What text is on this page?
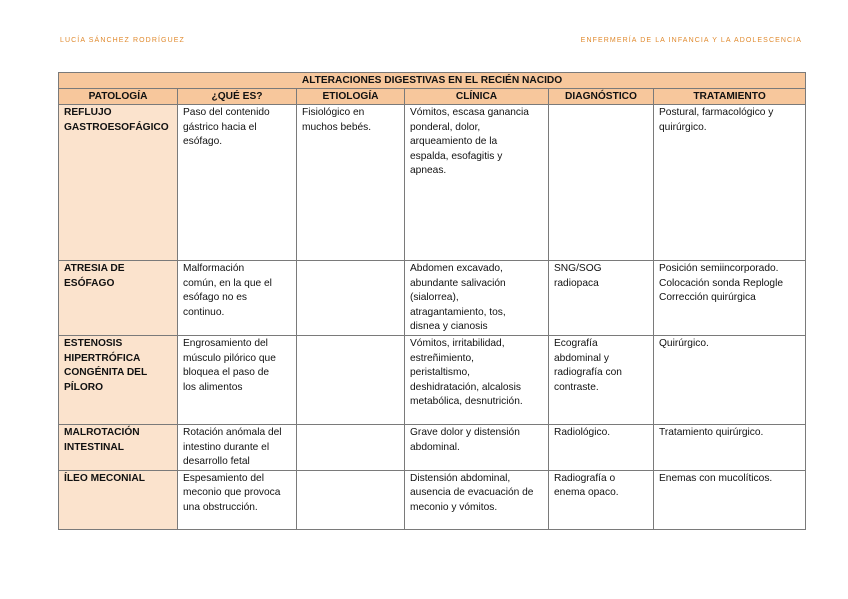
LUCÍA SÁNCHEZ RODRÍGUEZ	ENFERMERÍA DE LA INFANCIA Y LA ADOLESCENCIA
ALTERACIONES DIGESTIVAS EN EL RECIÉN NACIDO					
PATOLOGÍA	¿QUÉ ES?	ETIOLOGÍA	CLÍNICA	DIAGNÓSTICO	TRATAMIENTO

REFLUJO
GASTROESOFÁGICO	Paso del contenido
gástrico hacia el
esófago.	Fisiológico en
muchos bebés.	Vómitos, escasa ganancia
ponderal, dolor,
arqueamiento de la
espalda, esofagitis y
apneas.		Postural, farmacológico y
quirúrgico.

ATRESIA DE ESÓFAGO	Malformación
común, en la que el
esófago no es
continuo.		Abdomen excavado,
abundante salivación
(sialorrea),
atragantamiento, tos,
disnea y cianosis	SNG/SOG
radiopaca	Posición semiincorporado.
Colocación sonda Replogle
Corrección quirúrgica

ESTENOSIS
HIPERTRÓFICA
CONGÉNITA DEL
PÍLORO	Engrosamiento del
músculo pilórico que
bloquea el paso de
los alimentos		Vómitos, irritabilidad,
estreñimiento,
peristaltismo,
deshidratación, alcalosis
metabólica, desnutrición.	Ecografía
abdominal y
radiografía con
contraste.	Quirúrgico.

MALROTACIÓN
INTESTINAL	Rotación anómala del
intestino durante el
desarrollo fetal		Grave dolor y distensión
abdominal.	Radiológico.	Tratamiento quirúrgico.

ÍLEO MECONIAL	Espesamiento del
meconio que provoca
una obstrucción.		Distensión abdominal,
ausencia de evacuación de
meconio y vómitos.	Radiografía o
enema opaco.	Enemas con mucolíticos.
